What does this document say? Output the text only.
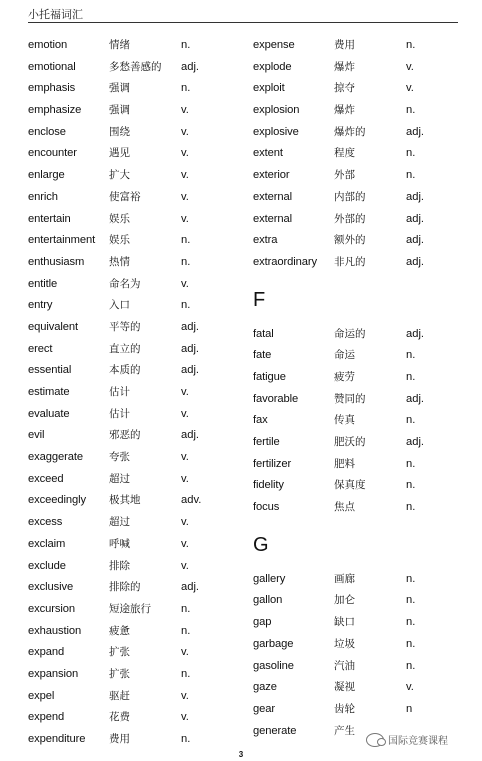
小托福词汇
emotion	情绪	n.
emotional	多愁善感的 adj.
emphasis	强调	n.
emphasize	强调	v.
enclose	围绕	v.
encounter	遇见	v.
enlarge	扩大	v.
enrich	使富裕	v.
entertain	娱乐	v.
entertainment 娱乐	n.
enthusiasm 热情	n.
entitle	命名为	v.
entry	入口	n.
equivalent	平等的	adj.
erect	直立的	adj.
essential	本质的	adj.
estimate	估计	v.
evaluate	估计	v.
evil	邪恶的	adj.
exaggerate 夸张	v.
exceed	超过	v.
exceedingly 极其地	adv.
excess	超过	v.
exclaim	呼喊	v.
exclude	排除	v.
exclusive	排除的	adj.
excursion	短途旅行	n.
exhaustion	疲惫	n.
expand	扩张	v.
expansion	扩张	n.
expel	驱赶	v.
expend	花费	v.
expenditure 费用	n.
expense	费用	n.
explode	爆炸	v.
exploit	掠夺	v.
explosion	爆炸	n.
explosive	爆炸的	adj.
extent	程度	n.
exterior	外部	n.
external	内部的	adj.
external	外部的	adj.
extra	额外的	adj.
extraordinary 非凡的	adj.
F
fatal	命运的	adj.
fate	命运	n.
fatigue	疲劳	n.
favorable	赞同的	adj.
fax	传真	n.
fertile	肥沃的	adj.
fertilizer	肥料	n.
fidelity	保真度	n.
focus	焦点	n.
G
gallery	画廊	n.
gallon	加仑	n.
gap	缺口	n.
garbage	垃圾	n.
gasoline	汽油	n.
gaze	凝视	v.
gear	齿轮	n
generate	产生
3
国际竞赛课程
